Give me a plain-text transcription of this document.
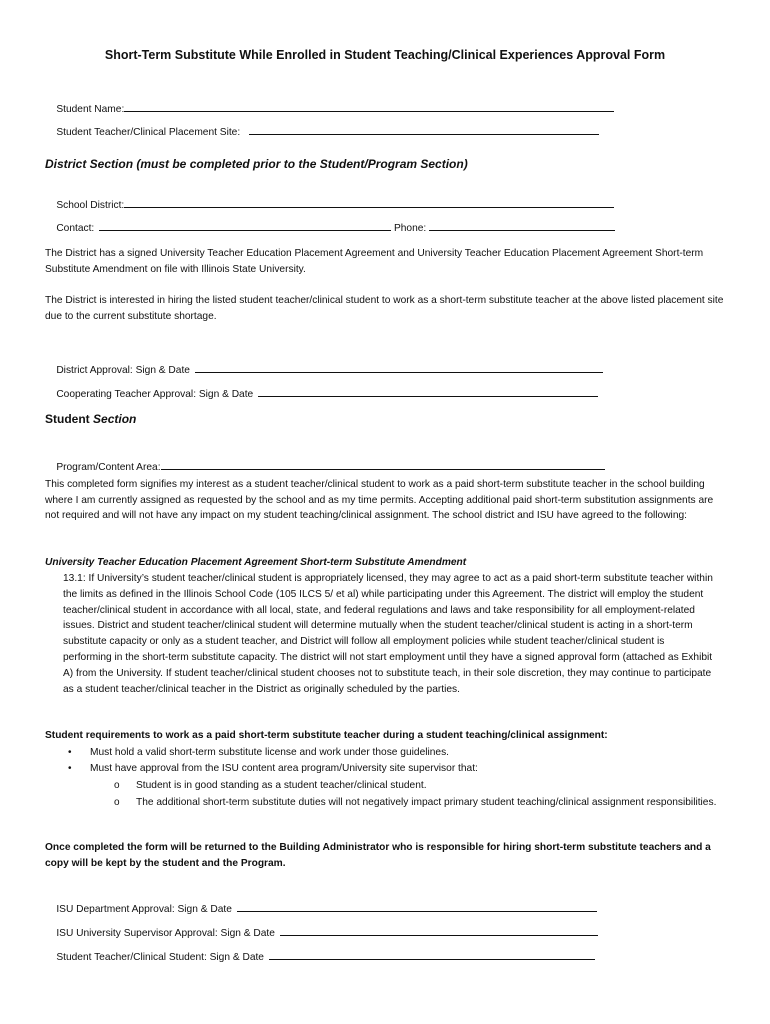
Short-Term Substitute While Enrolled in Student Teaching/Clinical Experiences Approval Form

Student Name:

Student Teacher/Clinical Placement Site:

District Section (must be completed prior to the Student/Program Section)

School District:

Contact:	Phone:

The District has a signed University Teacher Education Placement Agreement and University Teacher Education Placement Agreement Short-term Substitute Amendment on file with Illinois State University.
The District is interested in hiring the listed student teacher/clinical student to work as a short-term substitute teacher at the above listed placement site due to the current substitute shortage.

District Approval: Sign & Date

Cooperating Teacher Approval: Sign & Date

Student Section

Program/Content Area:

This completed form signifies my interest as a student teacher/clinical student to work as a paid short-term substitute teacher in the school building where I am currently assigned as requested by the school and as my time permits. Accepting additional paid short-term substitution assignments are not required and will not have any impact on my student teaching/clinical assignment. The school district and ISU have agreed to the following:
University Teacher Education Placement Agreement Short-term Substitute Amendment
13.1: If University’s student teacher/clinical student is appropriately licensed, they may agree to act as a paid short-term substitute teacher within the limits as defined in the Illinois School Code (105 ILCS 5/ et al) while participating under this Agreement. The district will employ the student teacher/clinical student in accordance with all local, state, and federal regulations and laws and take responsibility for all employment-related issues. District and student teacher/clinical student will determine mutually when the student teacher/clinical student is acting in a short-term substitute capacity or only as a student teacher, and District will follow all employment policies while student teacher/clinical student is performing in the short-term substitute capacity. The district will not start employment until they have a signed approval form (attached as Exhibit A) from the University. If student teacher/clinical student chooses not to substitute teach, in their sole discretion, they may continue to participate as a student teacher/clinical teacher in the District as originally scheduled by the parties.
Student requirements to work as a paid short-term substitute teacher during a student teaching/clinical assignment:
• Must hold a valid short-term substitute license and work under those guidelines.
• Must have approval from the ISU content area program/University site supervisor that:
o Student is in good standing as a student teacher/clinical student.
o The additional short-term substitute duties will not negatively impact primary student teaching/clinical assignment responsibilities.
Once completed the form will be returned to the Building Administrator who is responsible for hiring short-term substitute teachers and a copy will be kept by the student and the Program.

ISU Department Approval: Sign & Date

ISU University Supervisor Approval: Sign & Date

Student Teacher/Clinical Student: Sign & Date
